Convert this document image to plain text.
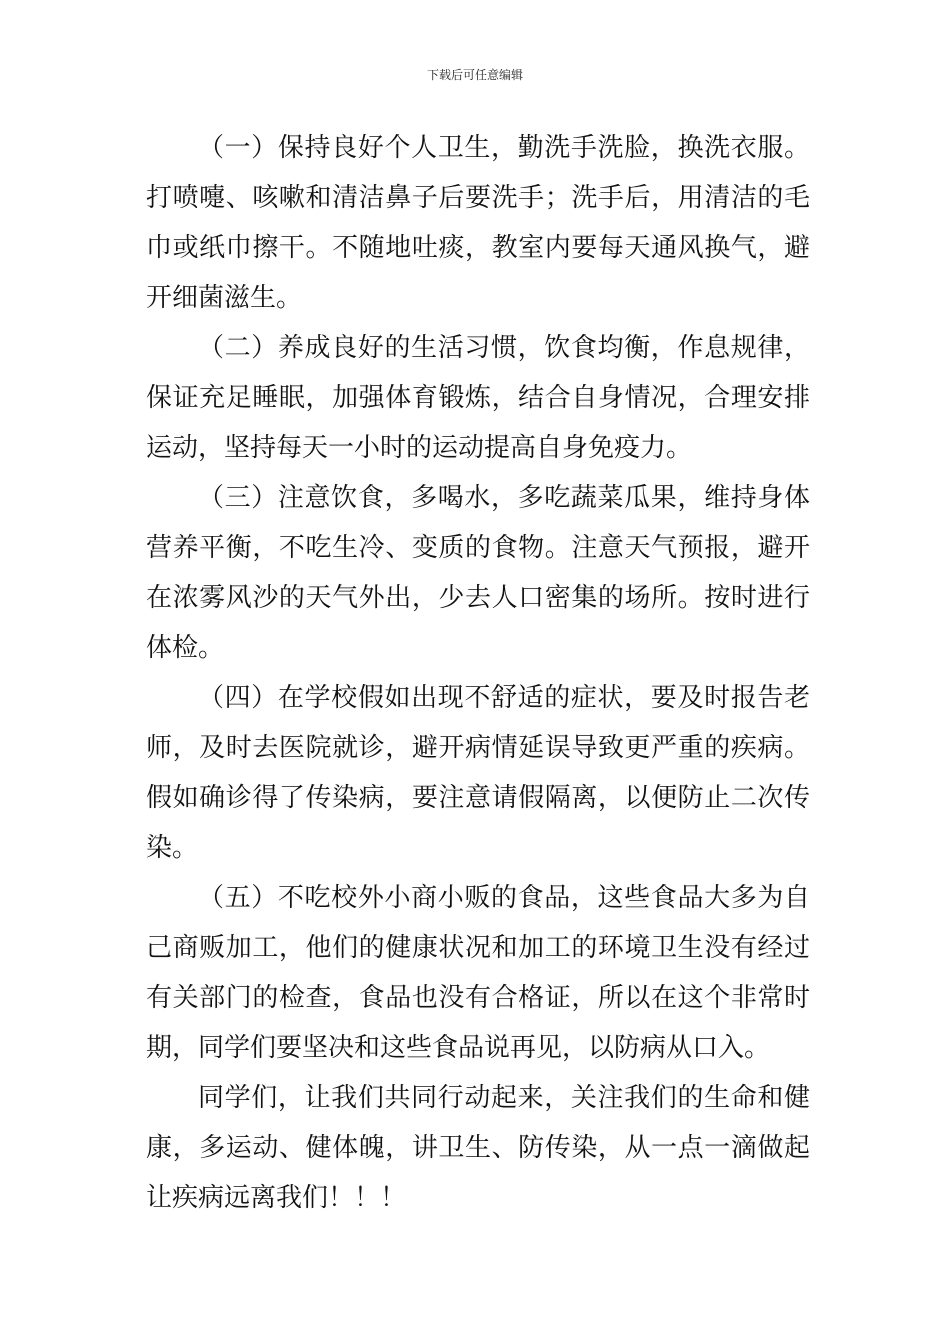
下载后可任意编辑

（一）保持良好个人卫生，勤洗手洗脸，换洗衣服。打喷嚏、咳嗽和清洁鼻子后要洗手；洗手后，用清洁的毛巾或纸巾擦干。不随地吐痰，教室内要每天通风换气，避开细菌滋生。

（二）养成良好的生活习惯，饮食均衡，作息规律，保证充足睡眠，加强体育锻炼，结合自身情况，合理安排运动，坚持每天一小时的运动提高自身免疫力。

（三）注意饮食，多喝水，多吃蔬菜瓜果，维持身体营养平衡，不吃生冷、变质的食物。注意天气预报，避开在浓雾风沙的天气外出，少去人口密集的场所。按时进行体检。

（四）在学校假如出现不舒适的症状，要及时报告老师，及时去医院就诊，避开病情延误导致更严重的疾病。假如确诊得了传染病，要注意请假隔离，以便防止二次传染。

（五）不吃校外小商小贩的食品，这些食品大多为自己商贩加工，他们的健康状况和加工的环境卫生没有经过有关部门的检查，食品也没有合格证，所以在这个非常时期，同学们要坚决和这些食品说再见，以防病从口入。

同学们，让我们共同行动起来，关注我们的生命和健康，多运动、健体魄，讲卫生、防传染，从一点一滴做起让疾病远离我们！！！
